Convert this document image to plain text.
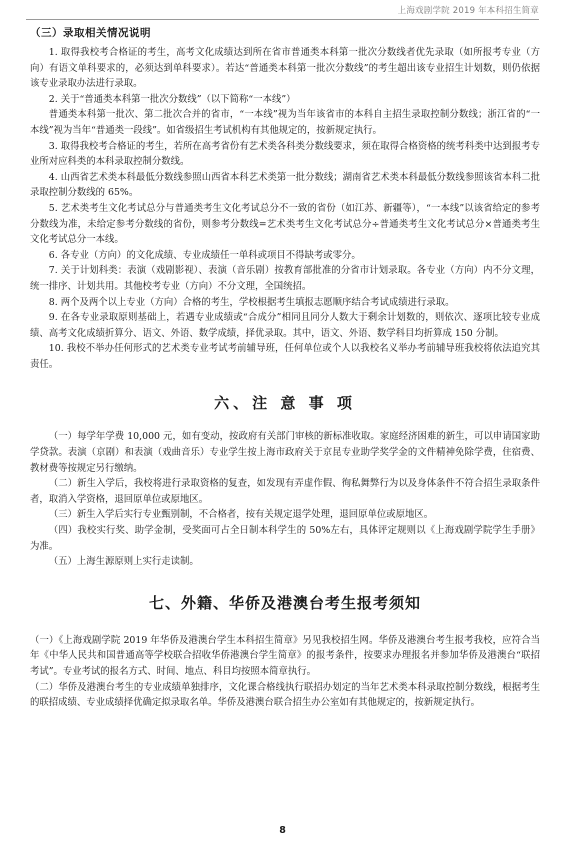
上海戏剧学院 2019 年本科招生简章
（三）录取相关情况说明

1. 取得我校考合格证的考生，高考文化成绩达到所在省市普通类本科第一批次分数线者优先录取（如所报考专业（方向）有语文单科要求的，必须达到单科要求）。若达“普通类本科第一批次分数线”的考生超出该专业招生计划数，则仍依据该专业录取办法进行录取。

2. 关于“普通类本科第一批次分数线”（以下简称“一本线”）

普通类本科第一批次、第二批次合并的省市，“一本线”视为当年该省市的本科自主招生录取控制分数线；浙江省的“一本线”视为当年“普通类一段线”。如省级招生考试机构有其他规定的，按新规定执行。

3. 取得我校考合格证的考生，若所在高考省份有艺术类各科类分数线要求，须在取得合格资格的统考科类中达到报考专业所对应科类的本科录取控制分数线。

4. 山西省艺术类本科最低分数线参照山西省本科艺术类第一批分数线；湖南省艺术类本科最低分数线参照该省本科二批录取控制分数线的 65%。

5. 艺术类考生文化考试总分与普通类考生文化考试总分不一致的省份（如江苏、新疆等），“一本线”以该省给定的参考分数线为准，未给定参考分数线的省份，则参考分数线=艺术类考生文化考试总分÷普通类考生文化考试总分×普通类考生文化考试总分一本线。

6. 各专业（方向）的文化成绩、专业成绩任一单科或项目不得缺考或零分。

7. 关于计划科类：表演（戏剧影视）、表演（音乐剧）按教育部批准的分省市计划录取。各专业（方向）内不分文理，统一排序、计划共用。其他校考专业（方向）不分文理，全国统招。

8. 两个及两个以上专业（方向）合格的考生，学校根据考生填报志愿顺序结合考试成绩进行录取。

9. 在各专业录取原则基础上，若遇专业成绩或“合成分”相同且同分人数大于剩余计划数的，则依次、逐项比较专业成绩、高考文化成绩折算分、语文、外语、数学成绩，择优录取。其中，语文、外语、数学科目均折算成 150 分制。

10. 我校不举办任何形式的艺术类专业考试考前辅导班，任何单位或个人以我校名义举办考前辅导班我校将依法追究其责任。

六、注 意 事 项

（一）每学年学费 10,000 元，如有变动，按政府有关部门审核的新标准收取。家庭经济困难的新生，可以申请国家助学贷款。表演（京剧）和表演（戏曲音乐）专业学生按上海市政府关于京昆专业助学奖学金的文件精神免除学费，住宿费、教材费等按规定另行缴纳。

（二）新生入学后，我校将进行录取资格的复查，如发现有弄虚作假、徇私舞弊行为以及身体条件不符合招生录取条件者，取消入学资格，退回原单位或原地区。

（三）新生入学后实行专业甄别制，不合格者，按有关规定退学处理，退回原单位或原地区。

（四）我校实行奖、助学金制，受奖面可占全日制本科学生的 50%左右，具体评定规则以《上海戏剧学院学生手册》为准。

（五）上海生源原则上实行走读制。

七、外籍、华侨及港澳台考生报考须知

（一）《上海戏剧学院 2019 年华侨及港澳台学生本科招生简章》另见我校招生网。华侨及港澳台考生报考我校，应符合当年《中华人民共和国普通高等学校联合招收华侨港澳台学生简章》的报考条件，按要求办理报名并参加华侨及港澳台“联招考试”。专业考试的报名方式、时间、地点、科目均按照本简章执行。

（二）华侨及港澳台考生的专业成绩单独排序，文化课合格线执行联招办划定的当年艺术类本科录取控制分数线，根据考生的联招成绩、专业成绩择优确定拟录取名单。华侨及港澳台联合招生办公室如有其他规定的，按新规定执行。

8
